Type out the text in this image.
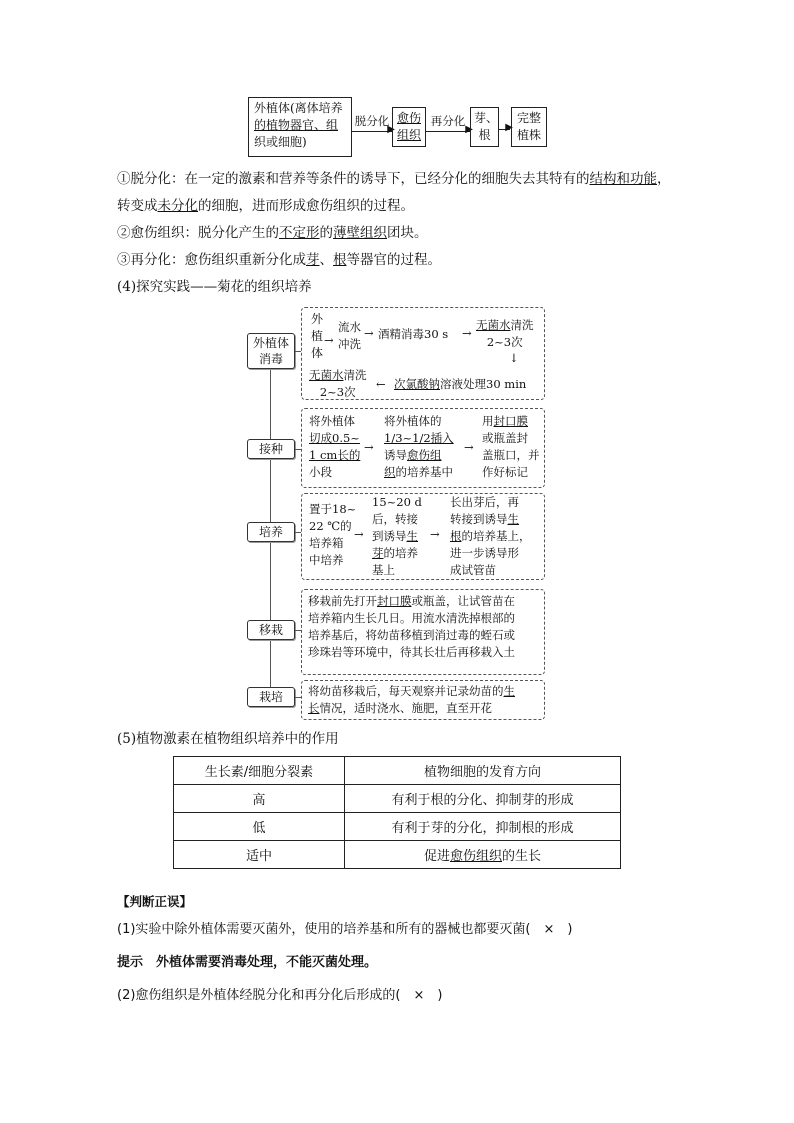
外植体(离体培养
的植物器官、组
织或细胞)
脱分化
▶
愈伤
组织
再分化
▶
芽、
根
▶
完整
植株
①脱分化：在一定的激素和营养等条件的诱导下，已经分化的细胞失去其特有的结构和功能，
转变成未分化的细胞，进而形成愈伤组织的过程。
②愈伤组织：脱分化产生的不定形的薄壁组织团块。
③再分化：愈伤组织重新分化成芽、根等器官的过程。
(4)探究实践——菊花的组织培养
外植体
消毒
外
植
体
→
流水
冲洗
→ 酒精消毒30 s →
无菌水清洗
2~3次
↓
无菌水清洗
2~3次
← 次氯酸钠溶液处理30 min
接种
将外植体
切成0.5~
1 cm长的
小段
→
将外植体的
1/3~1/2插入
诱导愈伤组
织的培养基中
→
用封口膜
或瓶盖封
盖瓶口，并
作好标记
培养
置于18~
22 ℃的
培养箱
中培养
→
15~20 d
后，转接
到诱导生
芽的培养
基上
→
长出芽后，再
转接到诱导生
根的培养基上，
进一步诱导形
成试管苗
移栽
移栽前先打开封口膜或瓶盖，让试管苗在
培养箱内生长几日。用流水清洗掉根部的
培养基后，将幼苗移植到消过毒的蛭石或
珍珠岩等环境中，待其长壮后再移栽入土
栽培	将幼苗移栽后，每天观察并记录幼苗的生
长情况，适时浇水、施肥，直至开花
(5)植物激素在植物组织培养中的作用
生长素/细胞分裂素	植物细胞的发育方向
高	有利于根的分化、抑制芽的形成
低	有利于芽的分化，抑制根的形成
适中	促进愈伤组织的生长
【判断正误】
(1)实验中除外植体需要灭菌外，使用的培养基和所有的器械也都要灭菌(　×　)
提示　外植体需要消毒处理，不能灭菌处理。
(2)愈伤组织是外植体经脱分化和再分化后形成的(　×　)
